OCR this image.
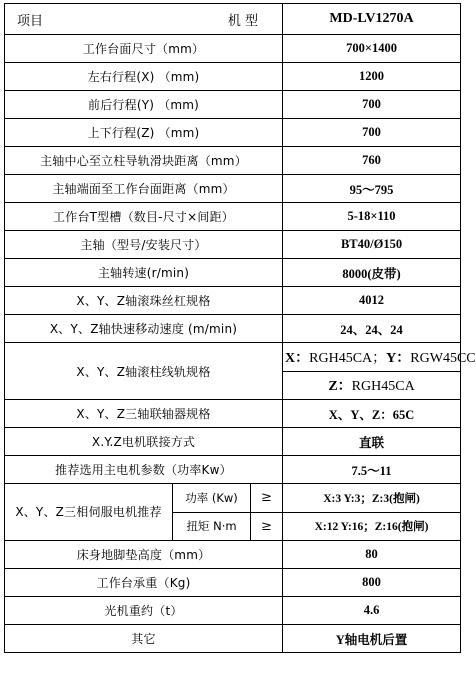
项目 机 型			MD-LV1270A
工作台面尺寸（mm）			700×1400
左右行程(X) （mm)			1200
前后行程(Y) （mm)			700
上下行程(Z) （mm)			700
主轴中心至立柱导轨滑块距离（mm）			760
主轴端面至工作台面距离（mm）			95～795
工作台T型槽（数目-尺寸×间距）			5-18×110
主轴（型号/安装尺寸）			BT40/Ø150
主轴转速(r/min)			8000(皮带)
X、Y、Z轴滚珠丝杠规格			4012
X、Y、Z轴快速移动速度 (m/min)			24、24、24
X、Y、Z轴滚柱线轨规格			X：RGH45CA；Y：RGW45CC
			Z：RGH45CA
X、Y、Z三轴联轴器规格			X、Y、Z：65C
X.Y.Z电机联接方式			直联
推荐选用主电机参数（功率Kw）			7.5～11
X、Y、Z三相伺服电机推荐	功率 (Kw)	≥	X:3 Y:3；Z:3(抱闸)
	扭矩 N·m	≥	X:12 Y:16；Z:16(抱闸)
床身地脚垫高度（mm）			80
工作台承重（Kg)			800
光机重约（t）			4.6
其它			Y轴电机后置
